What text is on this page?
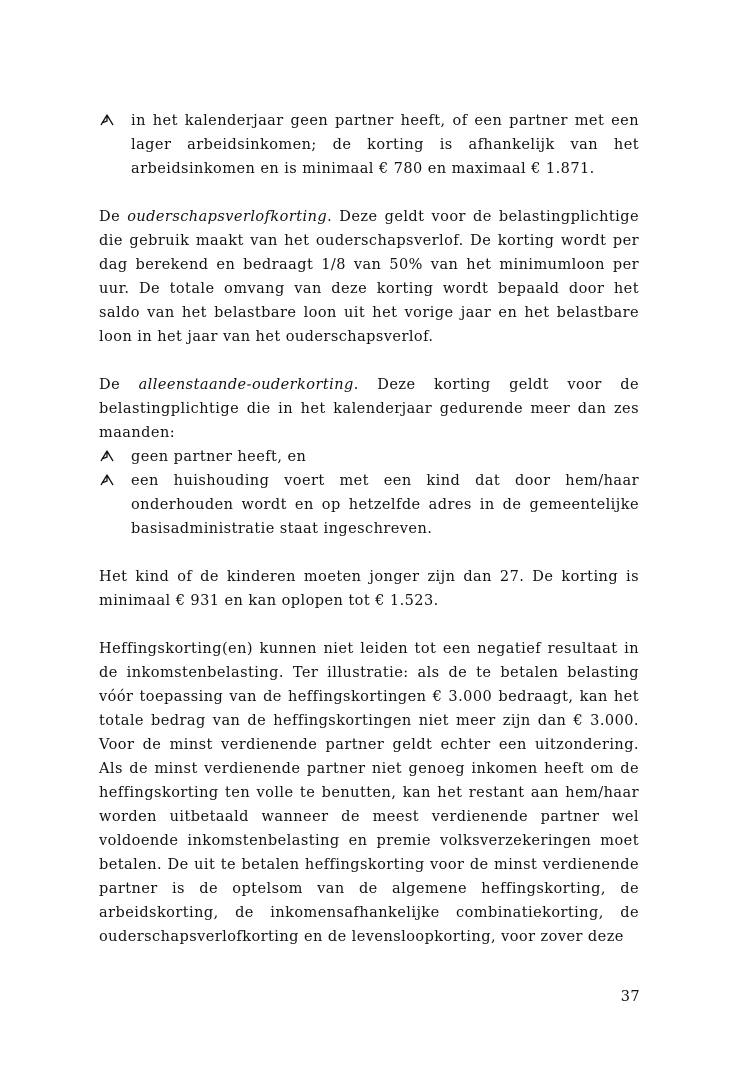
in het kalenderjaar geen partner heeft, of een partner met een lager arbeidsinkomen; de korting is afhankelijk van het arbeidsinkomen en is minimaal € 780 en maximaal € 1.871.

De ouderschapsverlofkorting. Deze geldt voor de belastingplichtige die gebruik maakt van het ouderschapsverlof. De korting wordt per dag berekend en bedraagt 1/8 van 50% van het minimumloon per uur. De totale omvang van deze korting wordt bepaald door het saldo van het belastbare loon uit het vorige jaar en het belastbare loon in het jaar van het ouderschapsverlof.

De alleenstaande-ouderkorting. Deze korting geldt voor de belastingplichtige die in het kalenderjaar gedurende meer dan zes maanden:

geen partner heeft, en
een huishouding voert met een kind dat door hem/haar onderhouden wordt en op hetzelfde adres in de gemeentelijke basisadministratie staat ingeschreven.

Het kind of de kinderen moeten jonger zijn dan 27. De korting is minimaal € 931 en kan oplopen tot € 1.523.

Heffingskorting(en) kunnen niet leiden tot een negatief resultaat in de inkomstenbelasting. Ter illustratie: als de te betalen belasting vóór toepassing van de heffingskortingen € 3.000 bedraagt, kan het totale bedrag van de heffingskortingen niet meer zijn dan € 3.000. Voor de minst verdienende partner geldt echter een uitzondering. Als de minst verdienende partner niet genoeg inkomen heeft om de heffingskorting ten volle te benutten, kan het restant aan hem/haar worden uitbetaald wanneer de meest verdienende partner wel voldoende inkomstenbelasting en premie volksverzekeringen moet betalen. De uit te betalen heffingskorting voor de minst verdienende partner is de optelsom van de algemene heffingskorting, de arbeidskorting, de inkomensafhankelijke combinatiekorting, de ouderschapsverlofkorting en de levensloopkorting, voor zover deze

37
